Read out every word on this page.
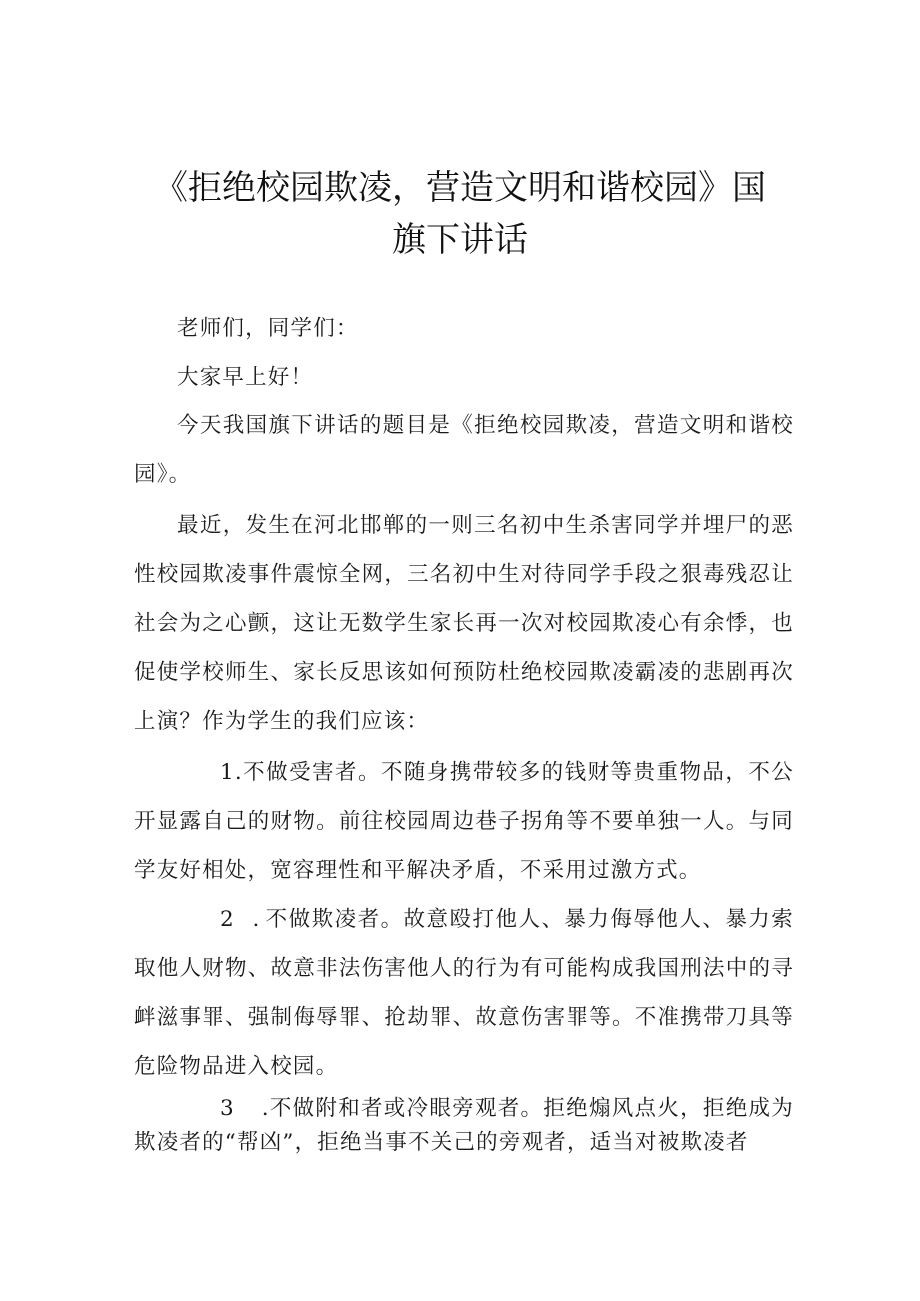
《拒绝校园欺凌，营造文明和谐校园》国
旗下讲话

老师们，同学们：

大家早上好！

今天我国旗下讲话的题目是《拒绝校园欺凌，营造文明和谐校园》。

最近，发生在河北邯郸的一则三名初中生杀害同学并埋尸的恶性校园欺凌事件震惊全网，三名初中生对待同学手段之狠毒残忍让社会为之心颤，这让无数学生家长再一次对校园欺凌心有余悸，也促使学校师生、家长反思该如何预防杜绝校园欺凌霸凌的悲剧再次上演？作为学生的我们应该：

1.不做受害者。不随身携带较多的钱财等贵重物品，不公开显露自己的财物。前往校园周边巷子拐角等不要单独一人。与同学友好相处，宽容理性和平解决矛盾，不采用过激方式。

2 .不做欺凌者。故意殴打他人、暴力侮辱他人、暴力索取他人财物、故意非法伤害他人的行为有可能构成我国刑法中的寻衅滋事罪、强制侮辱罪、抢劫罪、故意伤害罪等。不准携带刀具等危险物品进入校园。

3 .不做附和者或冷眼旁观者。拒绝煽风点火，拒绝成为欺凌者的“帮凶”，拒绝当事不关己的旁观者，适当对被欺凌者
